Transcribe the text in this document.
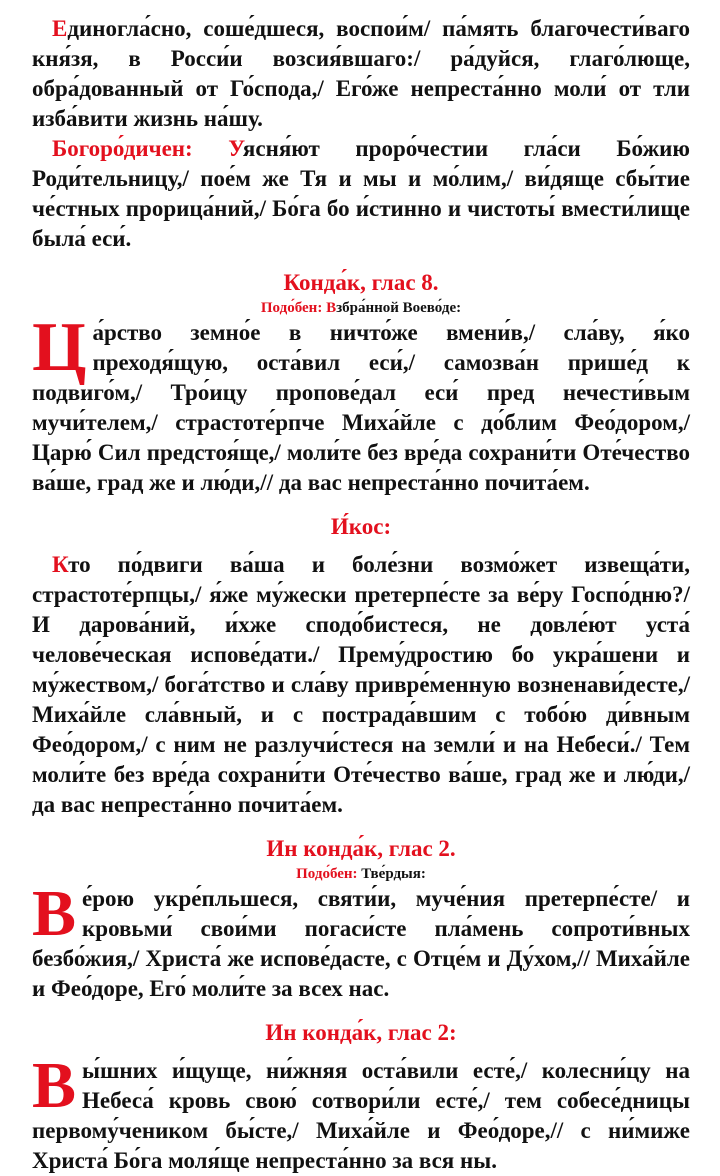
Единогла́сно, соше́дшеся, воспои́м/ па́мять благочести́ваго кня́зя, в Росси́и возсия́вшаго:/ ра́дуйся, глаго́люще, обра́дованный от Го́спода,/ Его́же непреста́нно моли́ от тли изба́вити жизнь на́шу.

Богоро́дичен: Уясня́ют проро́честии гла́си Бо́жию Роди́тельницу,/ пое́м же Тя и мы и мо́лим,/ ви́дяще сбы́тие че́стных прорица́ний,/ Бо́га бо и́стинно и чистоты́ вмести́лище была́ еси́.

Конда́к, глас 8.

Подо́бен: Взбра́нной Воево́де:

Ца́рство земно́е в ничто́же вмени́в,/ сла́ву, я́ко преходя́щую, оста́вил еси́,/ самозва́н прише́д к подвиго́м,/ Тро́ицу пропове́дал еси́ пред нечести́вым мучи́телем,/ страстоте́рпче Миха́йле с до́блим Фео́дором,/ Царю́ Сил предстоя́ще,/ моли́те без вре́да сохрани́ти Оте́чество ва́ше, град же и лю́ди,// да вас непреста́нно почита́ем.

И́кос:

Кто по́двиги ва́ша и боле́зни возмо́жет извеща́ти, страстоте́рпцы,/ я́же му́жески претерпе́сте за ве́ру Госпо́дню?/ И дарова́ний, и́хже сподо́бистеся, не довле́ют уста́ челове́ческая испове́дати./ Прему́дростию бо укра́шени и му́жеством,/ бога́тство и сла́ву привре́менную возненави́десте,/ Миха́йле сла́вный, и с пострада́вшим с тобо́ю ди́вным Фео́дором,/ с ним не разлучи́стеся на земли́ и на Небеси́./ Тем моли́те без вре́да сохрани́ти Оте́чество ва́ше, град же и лю́ди,/ да вас непреста́нно почита́ем.

Ин конда́к, глас 2.

Подо́бен: Тве́рдыя:

Ве́рою укре́пльшеся, святи́и, муче́ния претерпе́сте/ и кровьми́ свои́ми погаси́сте пла́мень сопроти́вных безбо́жия,/ Христа́ же испове́дасте, с Отце́м и Ду́хом,// Миха́йле и Фео́доре, Его́ моли́те за всех нас.

Ин конда́к, глас 2:

Вы́шних и́щуще, ни́жняя оста́вили есте́,/ колесни́цу на Небеса́ кровь свою́ сотвори́ли есте́,/ тем собесе́дницы первому́чеником бы́сте,/ Миха́йле и Фео́доре,// с ни́миже Христа́ Бо́га моля́ще непреста́нно за вся ны.
